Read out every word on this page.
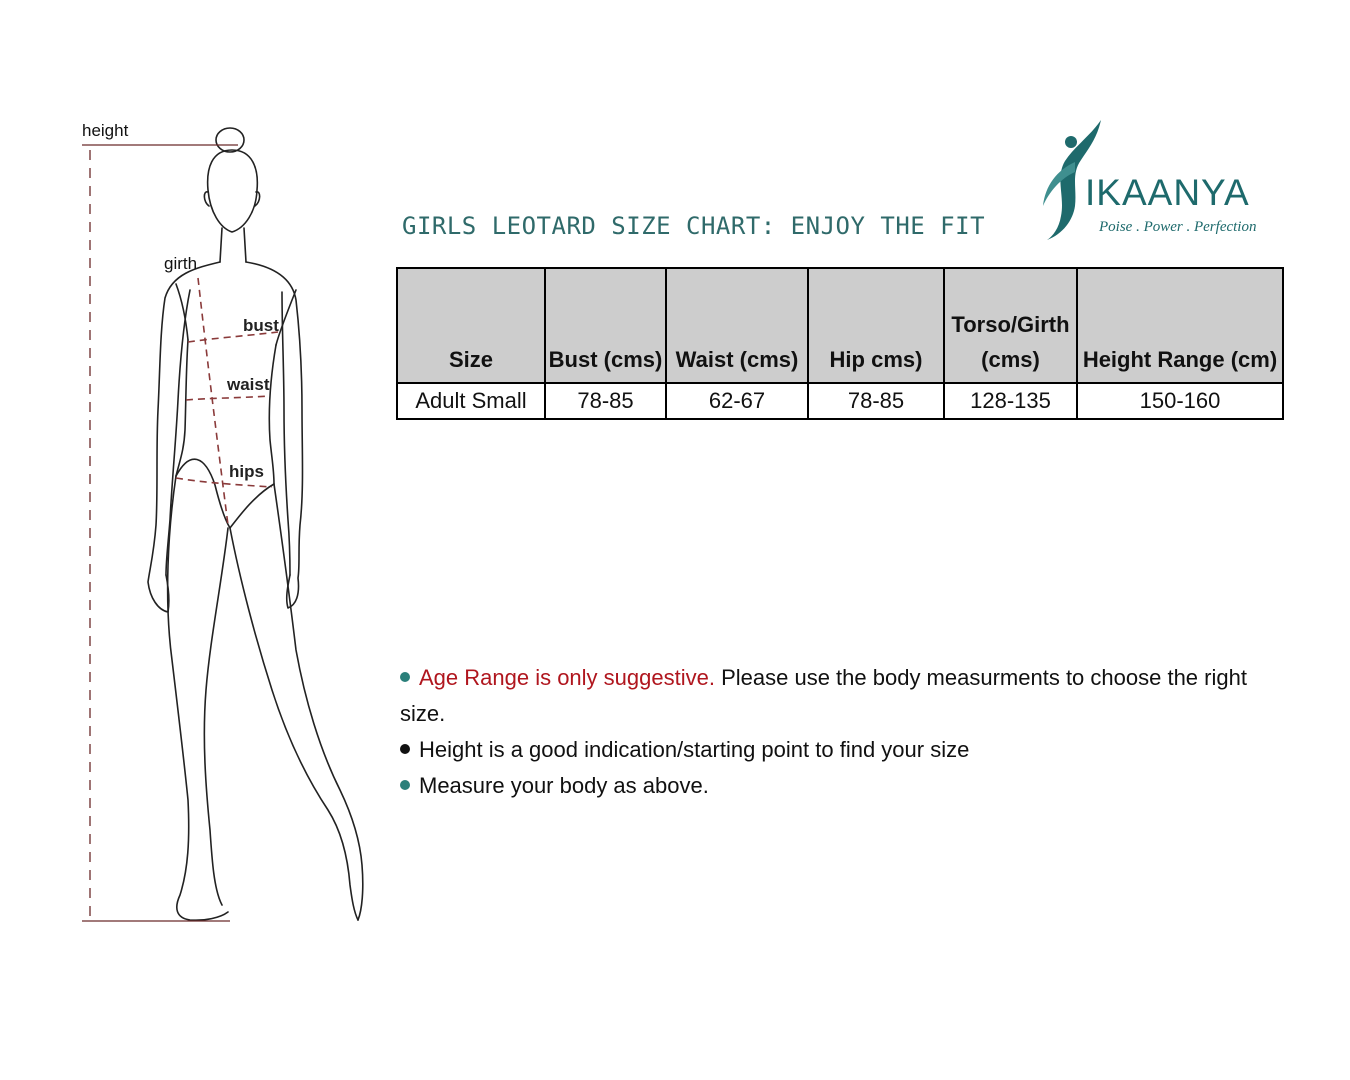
height
girth
bust
waist
hips
IKAANYA
Poise . Power . Perfection
GIRLS LEOTARD SIZE CHART: ENJOY THE FIT
Size	Bust (cms)	Waist (cms)	Hip cms)	Torso/Girth (cms)	Height Range (cm)
Adult Small	78-85	62-67	78-85	128-135	150-160
Age Range is only suggestive. Please use the body measurments to choose the right size.
Height is a good indication/starting point to find your size
Measure your body as above.
